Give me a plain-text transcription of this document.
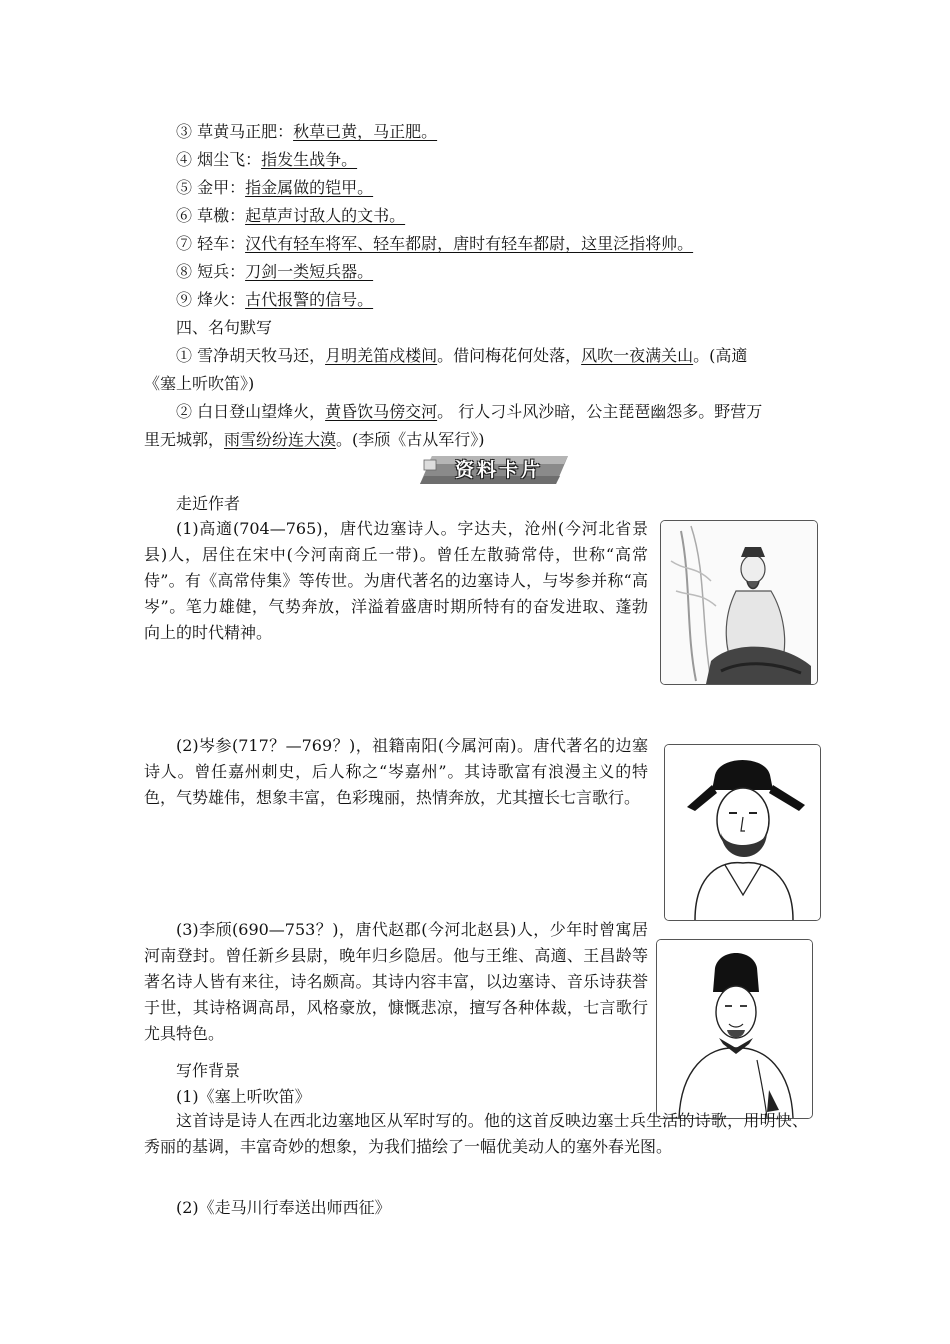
③ 草黄马正肥：秋草已黄，马正肥。
④ 烟尘飞：指发生战争。
⑤ 金甲：指金属做的铠甲。
⑥ 草檄：起草声讨敌人的文书。
⑦ 轻车：汉代有轻车将军、轻车都尉，唐时有轻车都尉，这里泛指将帅。
⑧ 短兵：刀剑一类短兵器。
⑨ 烽火：古代报警的信号。
四、名句默写
① 雪净胡天牧马还，月明羌笛戍楼间。借问梅花何处落，风吹一夜满关山。(高適
《塞上听吹笛》)
② 白日登山望烽火，黄昏饮马傍交河。 行人刁斗风沙暗，公主琵琶幽怨多。野营万
里无城郭，雨雪纷纷连大漠。(李颀《古从军行》)
资料卡片
走近作者
(1)高適(704—765)，唐代边塞诗人。字达夫，沧州(今河北省景县)人，居住在宋中(今河南商丘一带)。曾任左散骑常侍，世称“高常侍”。有《高常侍集》等传世。为唐代著名的边塞诗人，与岑参并称“高岑”。笔力雄健，气势奔放，洋溢着盛唐时期所特有的奋发进取、蓬勃向上的时代精神。
(2)岑参(717？—769？)，祖籍南阳(今属河南)。唐代著名的边塞诗人。曾任嘉州刺史，后人称之“岑嘉州”。其诗歌富有浪漫主义的特色，气势雄伟，想象丰富，色彩瑰丽，热情奔放，尤其擅长七言歌行。
(3)李颀(690—753？)，唐代赵郡(今河北赵县)人，少年时曾寓居河南登封。曾任新乡县尉，晚年归乡隐居。他与王维、高適、王昌龄等著名诗人皆有来往，诗名颇高。其诗内容丰富，以边塞诗、音乐诗获誉于世，其诗格调高昂，风格豪放，慷慨悲凉，擅写各种体裁，七言歌行尤具特色。
写作背景
(1)《塞上听吹笛》
这首诗是诗人在西北边塞地区从军时写的。他的这首反映边塞士兵生活的诗歌，用明快、秀丽的基调，丰富奇妙的想象，为我们描绘了一幅优美动人的塞外春光图。
(2)《走马川行奉送出师西征》
